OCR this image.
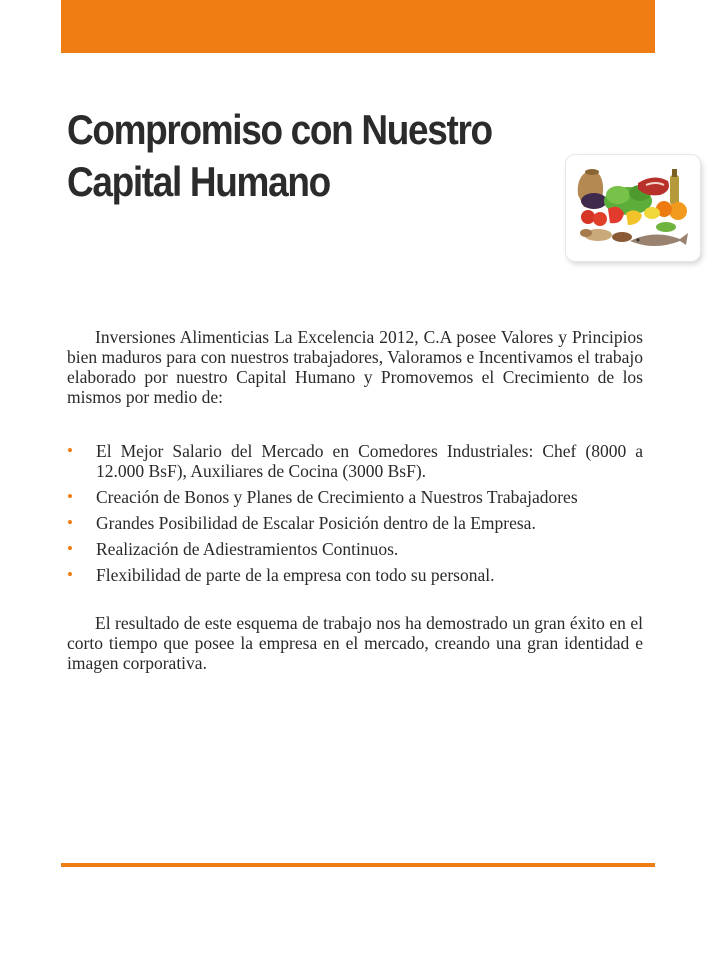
Compromiso con Nuestro
Capital Humano

Inversiones Alimenticias La Excelencia 2012, C.A posee Valores y Principios bien maduros para con nuestros trabajadores, Valoramos e Incentivamos el trabajo elaborado por nuestro Capital Humano y Promovemos el Crecimiento de los mismos por medio de:

• El Mejor Salario del Mercado en Comedores Industriales: Chef (8000 a 12.000 BsF), Auxiliares de Cocina (3000 BsF).
• Creación de Bonos y Planes de Crecimiento a Nuestros Trabajadores
• Grandes Posibilidad de Escalar Posición dentro de la Empresa.
• Realización de Adiestramientos Continuos.
• Flexibilidad de parte de la empresa con todo su personal.

El resultado de este esquema de trabajo nos ha demostrado un gran éxito en el corto tiempo que posee la empresa en el mercado, creando una gran identidad e imagen corporativa.
